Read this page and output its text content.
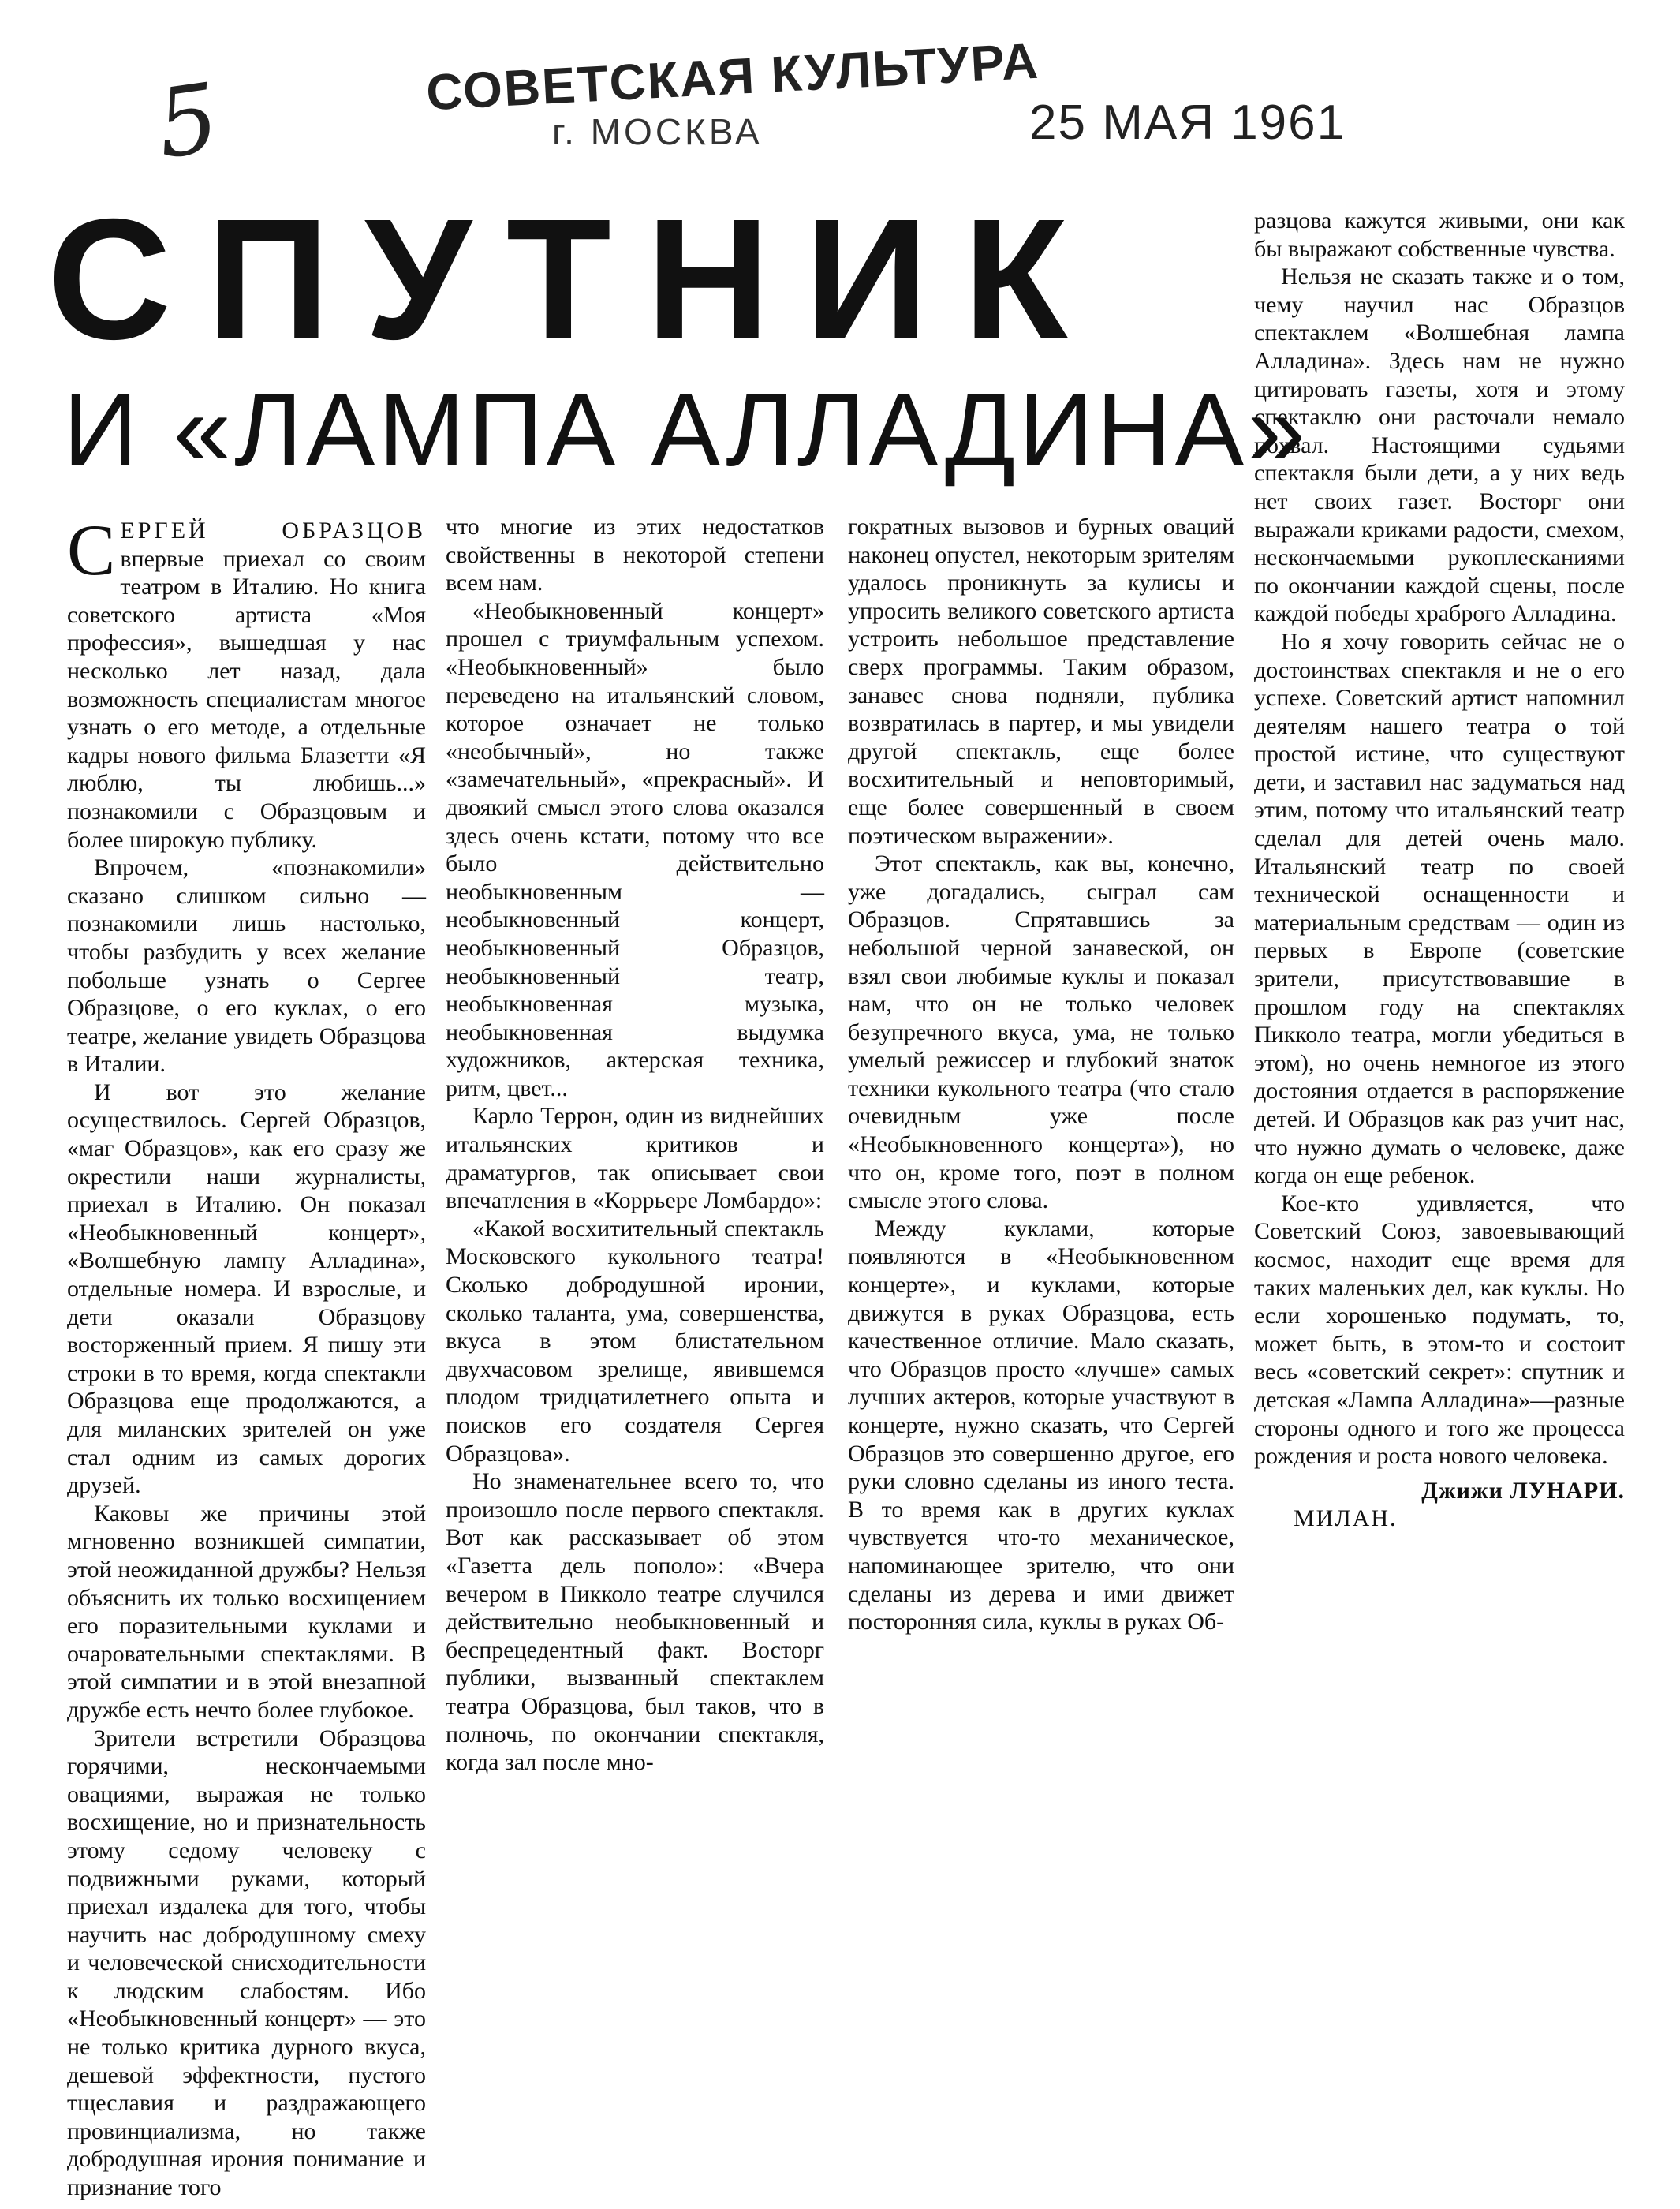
5	СОВЕТСКАЯ КУЛЬТУРА
г. МОСКВА	25 МАЯ 1961
СПУТНИК
И «ЛАМПА АЛЛАДИНА»

СЕРГЕЙ ОБРАЗЦОВ впервые приехал со своим театром в Италию. Но книга советского артиста «Моя профессия», вышедшая у нас несколько лет назад, дала возможность специалистам многое узнать о его методе, а отдельные кадры нового фильма Блазетти «Я люблю, ты любишь...» познакомили с Образцовым и более широкую публику.

Впрочем, «познакомили» сказано слишком сильно — познакомили лишь настолько, чтобы разбудить у всех желание побольше узнать о Сергее Образцове, о его куклах, о его театре, желание увидеть Образцова в Италии.

И вот это желание осуществилось. Сергей Образцов, «маг Образцов», как его сразу же окрестили наши журналисты, приехал в Италию. Он показал «Необыкновенный концерт», «Волшебную лампу Алладина», отдельные номера. И взрослые, и дети оказали Образцову восторженный прием. Я пишу эти строки в то время, когда спектакли Образцова еще продолжаются, а для миланских зрителей он уже стал одним из самых дорогих друзей.

Каковы же причины этой мгновенно возникшей симпатии, этой неожиданной дружбы? Нельзя объяснить их только восхищением его поразительными куклами и очаровательными спектаклями. В этой симпатии и в этой внезапной дружбе есть нечто более глубокое.

Зрители встретили Образцова горячими, нескончаемыми овациями, выражая не только восхищение, но и признательность этому седому человеку с подвижными руками, который приехал издалека для того, чтобы научить нас добродушному смеху и человеческой снисходительности к людским слабостям. Ибо «Необыкновенный концерт» — это не только критика дурного вкуса, дешевой эффектности, пустого тщеславия и раздражающего провинциализма, но также добродушная ирония понимание и признание того

что многие из этих недостатков свойственны в некоторой степени всем нам.

«Необыкновенный концерт» прошел с триумфальным успехом. «Необыкновенный» было переведено на итальянский словом, которое означает не только «необычный», но также «замечательный», «прекрасный». И двоякий смысл этого слова оказался здесь очень кстати, потому что все было действительно необыкновенным — необыкновенный концерт, необыкновенный Образцов, необыкновенный театр, необыкновенная музыка, необыкновенная выдумка художников, актерская техника, ритм, цвет...

Карло Террон, один из виднейших итальянских критиков и драматургов, так описывает свои впечатления в «Коррьере Ломбардо»:

«Какой восхитительный спектакль Московского кукольного театра! Сколько добродушной иронии, сколько таланта, ума, совершенства, вкуса в этом блистательном двухчасовом зрелище, явившемся плодом тридцатилетнего опыта и поисков его создателя Сергея Образцова».

Но знаменательнее всего то, что произошло после первого спектакля. Вот как рассказывает об этом «Газетта дель пополо»: «Вчера вечером в Пикколо театре случился действительно необыкновенный и беспрецедентный факт. Восторг публики, вызванный спектаклем театра Образцова, был таков, что в полночь, по окончании спектакля, когда зал после мно-

гократных вызовов и бурных оваций наконец опустел, некоторым зрителям удалось проникнуть за кулисы и упросить великого советского артиста устроить небольшое представление сверх программы. Таким образом, занавес снова подняли, публика возвратилась в партер, и мы увидели другой спектакль, еще более восхитительный и неповторимый, еще более совершенный в своем поэтическом выражении».

Этот спектакль, как вы, конечно, уже догадались, сыграл сам Образцов. Спрятавшись за небольшой черной занавеской, он взял свои любимые куклы и показал нам, что он не только человек безупречного вкуса, ума, не только умелый режиссер и глубокий знаток техники кукольного театра (что стало очевидным уже после «Необыкновенного концерта»), но что он, кроме того, поэт в полном смысле этого слова.

Между куклами, которые появляются в «Необыкновенном концерте», и куклами, которые движутся в руках Образцова, есть качественное отличие. Мало сказать, что Образцов просто «лучше» самых лучших актеров, которые участвуют в концерте, нужно сказать, что Сергей Образцов это совершенно другое, его руки словно сделаны из иного теста. В то время как в других куклах чувствуется что-то механическое, напоминающее зрителю, что они сделаны из дерева и ими движет посторонняя сила, куклы в руках Об-

разцова кажутся живыми, они как бы выражают собственные чувства.

Нельзя не сказать также и о том, чему научил нас Образцов спектаклем «Волшебная лампа Алладина». Здесь нам не нужно цитировать газеты, хотя и этому спектаклю они расточали немало похвал. Настоящими судьями спектакля были дети, а у них ведь нет своих газет. Восторг они выражали криками радости, смехом, нескончаемыми рукоплесканиями по окончании каждой сцены, после каждой победы храброго Алладина.

Но я хочу говорить сейчас не о достоинствах спектакля и не о его успехе. Советский артист напомнил деятелям нашего театра о той простой истине, что существуют дети, и заставил нас задуматься над этим, потому что итальянский театр сделал для детей очень мало. Итальянский театр по своей технической оснащенности и материальным средствам — один из первых в Европе (советские зрители, присутствовавшие в прошлом году на спектаклях Пикколо театра, могли убедиться в этом), но очень немногое из этого достояния отдается в распоряжение детей. И Образцов как раз учит нас, что нужно думать о человеке, даже когда он еще ребенок.

Кое-кто удивляется, что Советский Союз, завоевывающий космос, находит еще время для таких маленьких дел, как куклы. Но если хорошенько подумать, то, может быть, в этом-то и состоит весь «советский секрет»: спутник и детская «Лампа Алладина»—разные стороны одного и того же процесса рождения и роста нового человека.

Джижи ЛУНАРИ.

МИЛАН.
